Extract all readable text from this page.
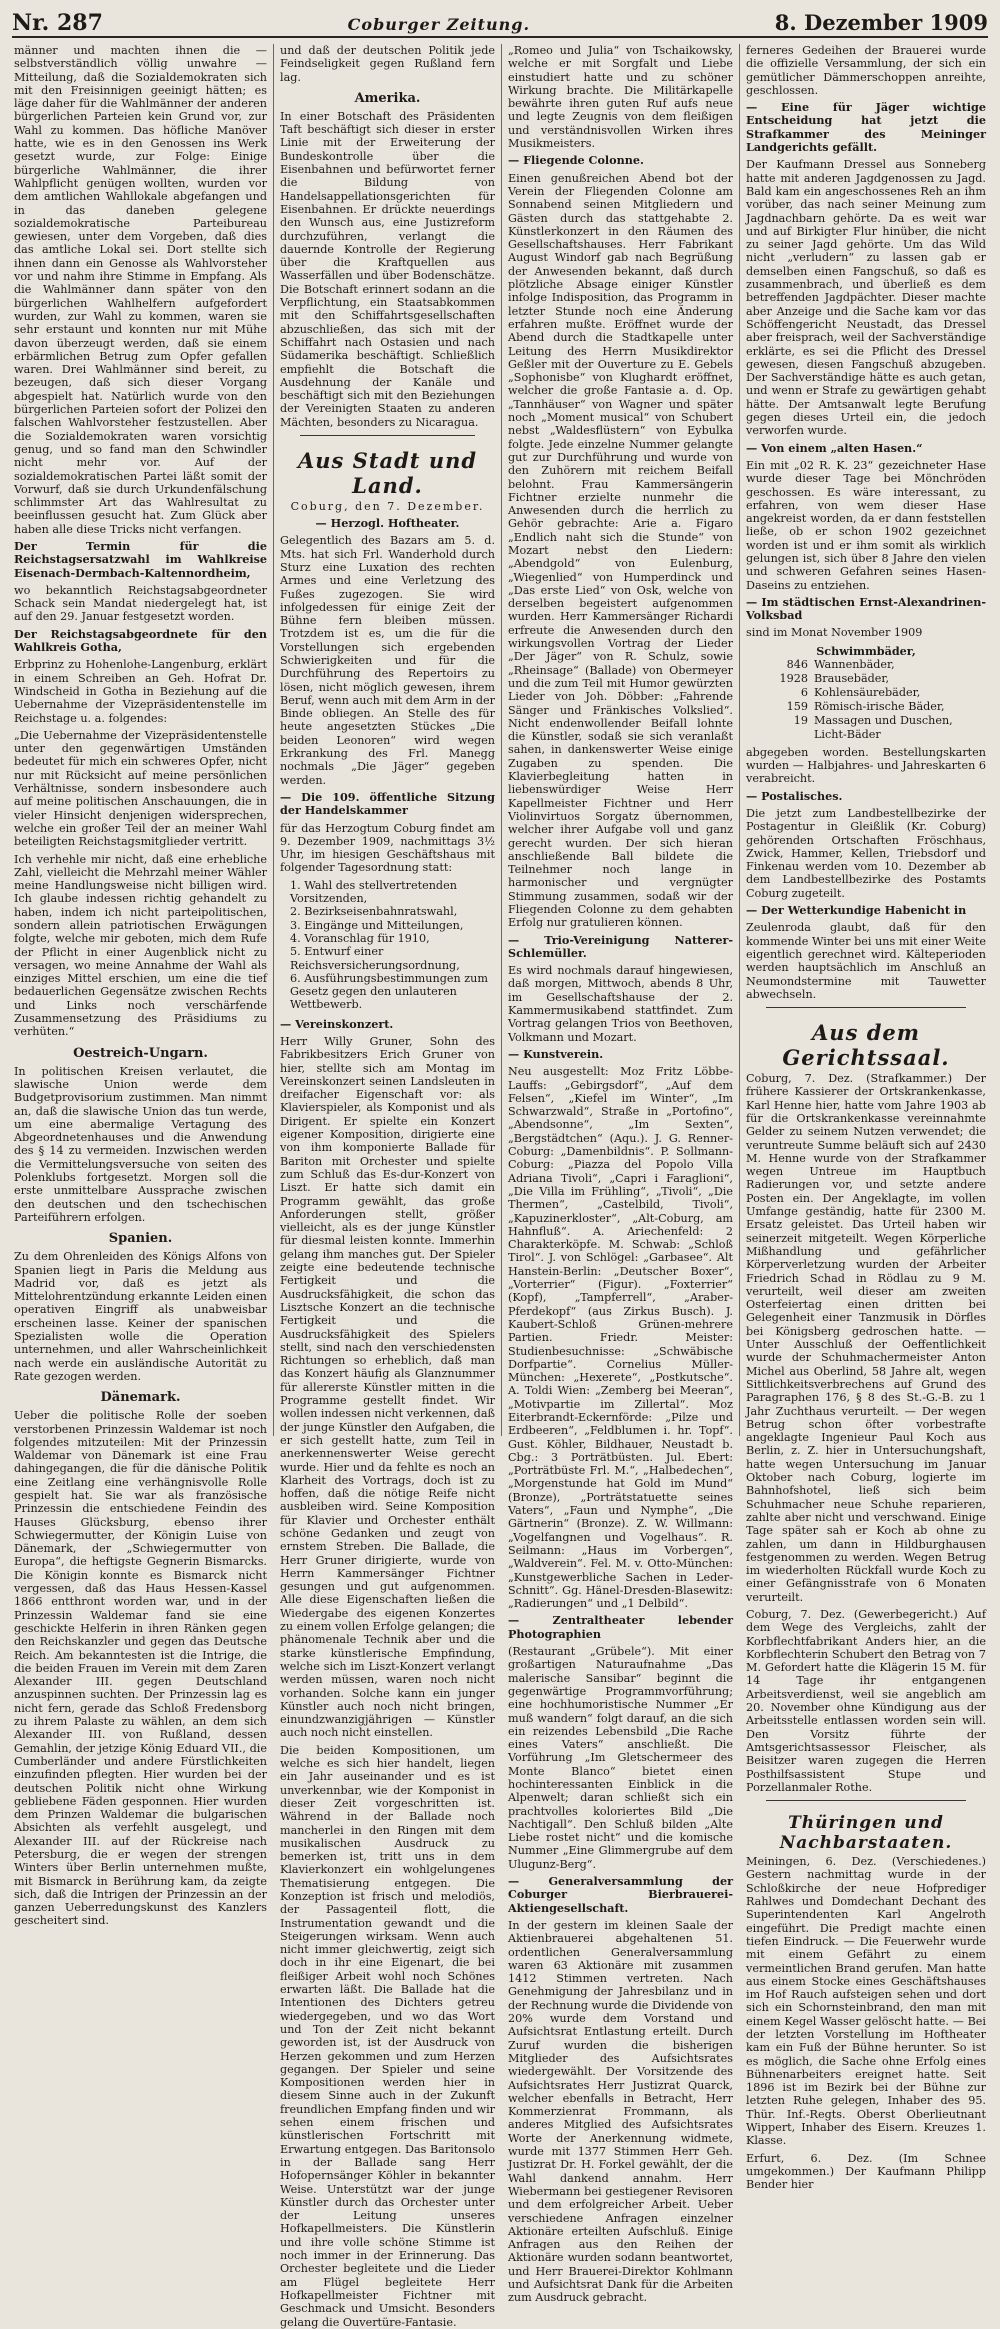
Nr. 287	Coburger Zeitung.	8. Dezember 1909

männer und machten ihnen die — selbstverständlich völlig unwahre — Mitteilung, daß die Sozialdemokraten sich mit den Freisinnigen geeinigt hätten; es läge daher für die Wahlmänner der anderen bürgerlichen Parteien kein Grund vor, zur Wahl zu kommen. Das höfliche Manöver hatte, wie es in den Genossen ins Werk gesetzt wurde, zur Folge: Einige bürgerliche Wahlmänner, die ihrer Wahlpflicht genügen wollten, wurden vor dem amtlichen Wahllokale abgefangen und in das daneben gelegene sozialdemokratische Parteibureau gewiesen, unter dem Vorgeben, daß dies das amtliche Lokal sei. Dort stellte sich ihnen dann ein Genosse als Wahlvorsteher vor und nahm ihre Stimme in Empfang. Als die Wahlmänner dann später von den bürgerlichen Wahlhelfern aufgefordert wurden, zur Wahl zu kommen, waren sie sehr erstaunt und konnten nur mit Mühe davon überzeugt werden, daß sie einem erbärmlichen Betrug zum Opfer gefallen waren. Drei Wahlmänner sind bereit, zu bezeugen, daß sich dieser Vorgang abgespielt hat. Natürlich wurde von den bürgerlichen Parteien sofort der Polizei den falschen Wahlvorsteher festzustellen. Aber die Sozialdemokraten waren vorsichtig genug, und so fand man den Schwindler nicht mehr vor. Auf der sozialdemokratischen Partei läßt somit der Vorwurf, daß sie durch Urkundenfälschung schlimmster Art das Wahlresultat zu beeinflussen gesucht hat. Zum Glück aber haben alle diese Tricks nicht verfangen.

Der Termin für die Reichstagsersatzwahl im Wahlkreise Eisenach-Dermbach-Kaltennordheim,

wo bekanntlich Reichstagsabgeordneter Schack sein Mandat niedergelegt hat, ist auf den 29. Januar festgesetzt worden.

Der Reichstagsabgeordnete für den Wahlkreis Gotha,

Erbprinz zu Hohenlohe-Langenburg, erklärt in einem Schreiben an Geh. Hofrat Dr. Windscheid in Gotha in Beziehung auf die Uebernahme der Vizepräsidentenstelle im Reichstage u. a. folgendes:

„Die Uebernahme der Vizepräsidentenstelle unter den gegenwärtigen Umständen bedeutet für mich ein schweres Opfer, nicht nur mit Rücksicht auf meine persönlichen Verhältnisse, sondern insbesondere auch auf meine politischen Anschauungen, die in vieler Hinsicht denjenigen widersprechen, welche ein großer Teil der an meiner Wahl beteiligten Reichstagsmitglieder vertritt.

Ich verhehle mir nicht, daß eine erhebliche Zahl, vielleicht die Mehrzahl meiner Wähler meine Handlungsweise nicht billigen wird. Ich glaube indessen richtig gehandelt zu haben, indem ich nicht parteipolitischen, sondern allein patriotischen Erwägungen folgte, welche mir geboten, mich dem Rufe der Pflicht in einer Augenblick nicht zu versagen, wo meine Annahme der Wahl als einziges Mittel erschien, um eine die tief bedauerlichen Gegensätze zwischen Rechts und Links noch verschärfende Zusammensetzung des Präsidiums zu verhüten.“

Oestreich-Ungarn.

In politischen Kreisen verlautet, die slawische Union werde dem Budgetprovisorium zustimmen. Man nimmt an, daß die slawische Union das tun werde, um eine abermalige Vertagung des Abgeordnetenhauses und die Anwendung des § 14 zu vermeiden. Inzwischen werden die Vermittelungsversuche von seiten des Polenklubs fortgesetzt. Morgen soll die erste unmittelbare Aussprache zwischen den deutschen und den tschechischen Parteiführern erfolgen.

Spanien.

Zu dem Ohrenleiden des Königs Alfons von Spanien liegt in Paris die Meldung aus Madrid vor, daß es jetzt als Mittelohrentzündung erkannte Leiden einen operativen Eingriff als unabweisbar erscheinen lasse. Keiner der spanischen Spezialisten wolle die Operation unternehmen, und aller Wahrscheinlichkeit nach werde ein ausländische Autorität zu Rate gezogen werden.

Dänemark.

Ueber die politische Rolle der soeben verstorbenen Prinzessin Waldemar ist noch folgendes mitzuteilen: Mit der Prinzessin Waldemar von Dänemark ist eine Frau dahingegangen, die für die dänische Politik eine Zeitlang eine verhängnisvolle Rolle gespielt hat. Sie war als französische Prinzessin die entschiedene Feindin des Hauses Glücksburg, ebenso ihrer Schwiegermutter, der Königin Luise von Dänemark, der „Schwiegermutter von Europa“, die heftigste Gegnerin Bismarcks. Die Königin konnte es Bismarck nicht vergessen, daß das Haus Hessen-Kassel 1866 entthront worden war, und in der Prinzessin Waldemar fand sie eine geschickte Helferin in ihren Ränken gegen den Reichskanzler und gegen das Deutsche Reich. Am bekanntesten ist die Intrige, die die beiden Frauen im Verein mit dem Zaren Alexander III. gegen Deutschland anzuspinnen suchten. Der Prinzessin lag es nicht fern, gerade das Schloß Fredensborg zu ihrem Palaste zu wählen, an dem sich Alexander III. von Rußland, dessen Gemahlin, der jetzige König Eduard VII., die Cumberländer und andere Fürstlichkeiten einzufinden pflegten. Hier wurden bei der deutschen Politik nicht ohne Wirkung gebliebene Fäden gesponnen. Hier wurden dem Prinzen Waldemar die bulgarischen Absichten als verfehlt ausgelegt, und Alexander III. auf der Rückreise nach Petersburg, die er wegen der strengen Winters über Berlin unternehmen mußte, mit Bismarck in Berührung kam, da zeigte sich, daß die Intrigen der Prinzessin an der ganzen Ueberredungskunst des Kanzlers gescheitert sind.

und daß der deutschen Politik jede Feindseligkeit gegen Rußland fern lag.

Amerika.

In einer Botschaft des Präsidenten Taft beschäftigt sich dieser in erster Linie mit der Erweiterung der Bundeskontrolle über die Eisenbahnen und befürwortet ferner die Bildung von Handelsappellationsgerichten für Eisenbahnen. Er drückte neuerdings den Wunsch aus, eine Justizreform durchzuführen, verlangt die dauernde Kontrolle der Regierung über die Kraftquellen aus Wasserfällen und über Bodenschätze. Die Botschaft erinnert sodann an die Verpflichtung, ein Staatsabkommen mit den Schiffahrtsgesellschaften abzuschließen, das sich mit der Schiffahrt nach Ostasien und nach Südamerika beschäftigt. Schließlich empfiehlt die Botschaft die Ausdehnung der Kanäle und beschäftigt sich mit den Beziehungen der Vereinigten Staaten zu anderen Mächten, besonders zu Nicaragua.

Aus Stadt und Land.
Coburg, den 7. Dezember.

— Herzogl. Hoftheater.

Gelegentlich des Bazars am 5. d. Mts. hat sich Frl. Wanderhold durch Sturz eine Luxation des rechten Armes und eine Verletzung des Fußes zugezogen. Sie wird infolgedessen für einige Zeit der Bühne fern bleiben müssen. Trotzdem ist es, um die für die Vorstellungen sich ergebenden Schwierigkeiten und für die Durchführung des Repertoirs zu lösen, nicht möglich gewesen, ihrem Beruf, wenn auch mit dem Arm in der Binde obliegen. An Stelle des für heute angesetzten Stückes „Die beiden Leonoren“ wird wegen Erkrankung des Frl. Manegg nochmals „Die Jäger“ gegeben werden.

— Die 109. öffentliche Sitzung der Handelskammer

für das Herzogtum Coburg findet am 9. Dezember 1909, nachmittags 3½ Uhr, im hiesigen Geschäftshaus mit folgender Tagesordnung statt:

1. Wahl des stellvertretenden Vorsitzenden,
2. Bezirkseisenbahnratswahl,
3. Eingänge und Mitteilungen,
4. Voranschlag für 1910,
5. Entwurf einer Reichsversicherungsordnung,
6. Ausführungsbestimmungen zum Gesetz gegen den unlauteren Wettbewerb.

— Vereinskonzert.

Herr Willy Gruner, Sohn des Fabrikbesitzers Erich Gruner von hier, stellte sich am Montag im Vereinskonzert seinen Landsleuten in dreifacher Eigenschaft vor: als Klavierspieler, als Komponist und als Dirigent. Er spielte ein Konzert eigener Komposition, dirigierte eine von ihm komponierte Ballade für Bariton mit Orchester und spielte zum Schluß das Es-dur-Konzert von Liszt. Er hatte sich damit ein Programm gewählt, das große Anforderungen stellt, größer vielleicht, als es der junge Künstler für diesmal leisten konnte. Immerhin gelang ihm manches gut. Der Spieler zeigte eine bedeutende technische Fertigkeit und die Ausdrucksfähigkeit, die schon das Lisztsche Konzert an die technische Fertigkeit und die Ausdrucksfähigkeit des Spielers stellt, sind nach den verschiedensten Richtungen so erheblich, daß man das Konzert häufig als Glanznummer für allererste Künstler mitten in die Programme gestellt findet. Wir wollen indessen nicht verkennen, daß der junge Künstler den Aufgaben, die er sich gestellt hatte, zum Teil in anerkennenswerter Weise gerecht wurde. Hier und da fehlte es noch an Klarheit des Vortrags, doch ist zu hoffen, daß die nötige Reife nicht ausbleiben wird. Seine Komposition für Klavier und Orchester enthält schöne Gedanken und zeugt von ernstem Streben. Die Ballade, die Herr Gruner dirigierte, wurde von Herrn Kammersänger Fichtner gesungen und gut aufgenommen. Alle diese Eigenschaften ließen die Wiedergabe des eigenen Konzertes zu einem vollen Erfolge gelangen; die phänomenale Technik aber und die starke künstlerische Empfindung, welche sich im Liszt-Konzert verlangt werden müssen, waren noch nicht vorhanden. Solche kann ein junger Künstler auch noch nicht bringen, einundzwanzigjährigen — Künstler auch noch nicht einstellen.

Die beiden Kompositionen, um welche es sich hier handelt, liegen ein Jahr auseinander und es ist unverkennbar, wie der Komponist in dieser Zeit vorgeschritten ist. Während in der Ballade noch mancherlei in den Ringen mit dem musikalischen Ausdruck zu bemerken ist, tritt uns in dem Klavierkonzert ein wohlgelungenes Thematisierung entgegen. Die Konzeption ist frisch und melodiös, der Passagenteil flott, die Instrumentation gewandt und die Steigerungen wirksam. Wenn auch nicht immer gleichwertig, zeigt sich doch in ihr eine Eigenart, die bei fleißiger Arbeit wohl noch Schönes erwarten läßt. Die Ballade hat die Intentionen des Dichters getreu wiedergegeben, und wo das Wort und Ton der Zeit nicht bekannt geworden ist, ist der Ausdruck von Herzen gekommen und zum Herzen gegangen. Der Spieler und seine Kompositionen werden hier in diesem Sinne auch in der Zukunft freundlichen Empfang finden und wir sehen einem frischen und künstlerischen Fortschritt mit Erwartung entgegen. Das Baritonsolo in der Ballade sang Herr Hofopernsänger Köhler in bekannter Weise. Unterstützt war der junge Künstler durch das Orchester unter der Leitung unseres Hofkapellmeisters. Die Künstlerin und ihre volle schöne Stimme ist noch immer in der Erinnerung. Das Orchester begleitete und die Lieder am Flügel begleitete Herr Hofkapellmeister Fichtner mit Geschmack und Umsicht. Besonders gelang die Ouvertüre-Fantasie.

„Romeo und Julia“ von Tschaikowsky, welche er mit Sorgfalt und Liebe einstudiert hatte und zu schöner Wirkung brachte. Die Militärkapelle bewährte ihren guten Ruf aufs neue und legte Zeugnis von dem fleißigen und verständnisvollen Wirken ihres Musikmeisters.

— Fliegende Colonne.

Einen genußreichen Abend bot der Verein der Fliegenden Colonne am Sonnabend seinen Mitgliedern und Gästen durch das stattgehabte 2. Künstlerkonzert in den Räumen des Gesellschaftshauses. Herr Fabrikant August Windorf gab nach Begrüßung der Anwesenden bekannt, daß durch plötzliche Absage einiger Künstler infolge Indisposition, das Programm in letzter Stunde noch eine Änderung erfahren mußte. Eröffnet wurde der Abend durch die Stadtkapelle unter Leitung des Herrn Musikdirektor Geßler mit der Ouverture zu E. Gebels „Sophonisbe“ von Klughardt eröffnet, welcher die große Fantasie a. d. Op. „Tannhäuser“ von Wagner und später noch „Moment musical“ von Schubert nebst „Waldesflüstern“ von Eybulka folgte. Jede einzelne Nummer gelangte gut zur Durchführung und wurde von den Zuhörern mit reichem Beifall belohnt. Frau Kammersängerin Fichtner erzielte nunmehr die Anwesenden durch die herrlich zu Gehör gebrachte: Arie a. Figaro „Endlich naht sich die Stunde“ von Mozart nebst den Liedern: „Abendgold“ von Eulenburg, „Wiegenlied“ von Humperdinck und „Das erste Lied“ von Osk, welche von derselben begeistert aufgenommen wurden. Herr Kammersänger Richardi erfreute die Anwesenden durch den wirkungsvollen Vortrag der Lieder „Der Jäger“ von R. Schulz, sowie „Rheinsage“ (Ballade) von Obermeyer und die zum Teil mit Humor gewürzten Lieder von Joh. Döbber: „Fahrende Sänger und Fränkisches Volkslied“. Nicht endenwollender Beifall lohnte die Künstler, sodaß sie sich veranlaßt sahen, in dankenswerter Weise einige Zugaben zu spenden. Die Klavierbegleitung hatten in liebenswürdiger Weise Herr Kapellmeister Fichtner und Herr Violinvirtuos Sorgatz übernommen, welcher ihrer Aufgabe voll und ganz gerecht wurden. Der sich hieran anschließende Ball bildete die Teilnehmer noch lange in harmonischer und vergnügter Stimmung zusammen, sodaß wir der Fliegenden Colonne zu dem gehabten Erfolg nur gratulieren können.

— Trio-Vereinigung Natterer-Schlemüller.

Es wird nochmals darauf hingewiesen, daß morgen, Mittwoch, abends 8 Uhr, im Gesellschaftshause der 2. Kammermusikabend stattfindet. Zum Vortrag gelangen Trios von Beethoven, Volkmann und Mozart.

— Kunstverein.

Neu ausgestellt: Moz Fritz Löbbe-Lauffs: „Gebirgsdorf“, „Auf dem Felsen“, „Kiefel im Winter“, „Im Schwarzwald“, Straße in „Portofino“, „Abendsonne“, „Im Sexten“, „Bergstädtchen“ (Aqu.). J. G. Renner-Coburg: „Damenbildnis“. P. Sollmann-Coburg: „Piazza del Popolo Villa Adriana Tivoli“, „Capri i Faraglioni“, „Die Villa im Frühling“, „Tivoli“, „Die Thermen“, „Castelbild, Tivoli“, „Kapuzinerkloster“, „Alt-Coburg, am Hahnfluß“. A. Ariechenfeld: 2 Charakterköpfe. M. Schwab: „Schloß Tirol“. J. von Schlögel: „Garbasee“. Alt Hanstein-Berlin: „Deutscher Boxer“, „Vorterrier“ (Figur). „Foxterrier“ (Kopf), „Tampferrell“, „Araber-Pferdekopf“ (aus Zirkus Busch). J. Kaubert-Schloß Grünen-mehrere Partien. Friedr. Meister: Studienbesuchnisse: „Schwäbische Dorfpartie“. Cornelius Müller-München: „Hexerete“, „Postkutsche“. A. Toldi Wien: „Zemberg bei Meeran“, „Motivpartie im Zillertal“. Moz Eiterbrandt-Eckernförde: „Pilze und Erdbeeren“, „Feldblumen i. hr. Topf“. Gust. Köhler, Bildhauer, Neustadt b. Cbg.: 3 Porträtbüsten. Jul. Ebert: „Porträtbüste Frl. M.“, „Halbedechen“, „Morgenstunde hat Gold im Mund“ (Bronze), „Porträtstatuette seines Vaters“, „Faun und Nymphe“, „Die Gärtnerin“ (Bronze). Z. W. Willmann: „Vogelfangnen und Vogelhaus“. R. Seilmann: „Haus im Vorbergen“, „Waldverein“. Fel. M. v. Otto-München: „Kunstgewerbliche Sachen in Leder-Schnitt“. Gg. Hänel-Dresden-Blasewitz: „Radierungen“ und „1 Delbild“.

— Zentraltheater lebender Photographien

(Restaurant „Grübele“). Mit einer großartigen Naturaufnahme „Das malerische Sansibar“ beginnt die gegenwärtige Programmvorführung; eine hochhumoristische Nummer „Er muß wandern“ folgt darauf, an die sich ein reizendes Lebensbild „Die Rache eines Vaters“ anschließt. Die Vorführung „Im Gletschermeer des Monte Blanco“ bietet einen hochinteressanten Einblick in die Alpenwelt; daran schließt sich ein prachtvolles koloriertes Bild „Die Nachtigall“. Den Schluß bilden „Alte Liebe rostet nicht“ und die komische Nummer „Eine Glimmergrube auf dem Ulugunz-Berg“.

— Generalversammlung der Coburger Bierbrauerei-Aktiengesellschaft.

In der gestern im kleinen Saale der Aktienbrauerei abgehaltenen 51. ordentlichen Generalversammlung waren 63 Aktionäre mit zusammen 1412 Stimmen vertreten. Nach Genehmigung der Jahresbilanz und in der Rechnung wurde die Dividende von 20% wurde dem Vorstand und Aufsichtsrat Entlastung erteilt. Durch Zuruf wurden die bisherigen Mitglieder des Aufsichtsrates wiedergewählt. Der Vorsitzende des Aufsichtsrates Herr Justizrat Quarck, welcher ebenfalls in Betracht, Herr Kommerzienrat Frommann, als anderes Mitglied des Aufsichtsrates Worte der Anerkennung widmete, wurde mit 1377 Stimmen Herr Geh. Justizrat Dr. H. Forkel gewählt, der die Wahl dankend annahm. Herr Wiebermann bei gestiegener Revisoren und dem erfolgreicher Arbeit. Ueber verschiedene Anfragen einzelner Aktionäre erteilten Aufschluß. Einige Anfragen aus den Reihen der Aktionäre wurden sodann beantwortet, und Herr Brauerei-Direktor Kohlmann und Aufsichtsrat Dank für die Arbeiten zum Ausdruck gebracht.

ferneres Gedeihen der Brauerei wurde die offizielle Versammlung, der sich ein gemütlicher Dämmerschoppen anreihte, geschlossen.

— Eine für Jäger wichtige Entscheidung hat jetzt die Strafkammer des Meininger Landgerichts gefällt.

Der Kaufmann Dressel aus Sonneberg hatte mit anderen Jagdgenossen zu Jagd. Bald kam ein angeschossenes Reh an ihm vorüber, das nach seiner Meinung zum Jagdnachbarn gehörte. Da es weit war und auf Birkigter Flur hinüber, die nicht zu seiner Jagd gehörte. Um das Wild nicht „verludern“ zu lassen gab er demselben einen Fangschuß, so daß es zusammenbrach, und überließ es dem betreffenden Jagdpächter. Dieser machte aber Anzeige und die Sache kam vor das Schöffengericht Neustadt, das Dressel aber freisprach, weil der Sachverständige erklärte, es sei die Pflicht des Dressel gewesen, diesen Fangschuß abzugeben. Der Sachverständige hätte es auch getan, und wenn er Strafe zu gewärtigen gehabt hätte. Der Amtsanwalt legte Berufung gegen dieses Urteil ein, die jedoch verworfen wurde.

— Von einem „alten Hasen.“

Ein mit „02 R. K. 23“ gezeichneter Hase wurde dieser Tage bei Mönchröden geschossen. Es wäre interessant, zu erfahren, von wem dieser Hase angekreist worden, da er dann feststellen ließe, ob er schon 1902 gezeichnet worden ist und er ihm somit als wirklich gelungen ist, sich über 8 Jahre den vielen und schweren Gefahren seines Hasen-Daseins zu entziehen.

— Im städtischen Ernst-Alexandrinen-Volksbad

sind im Monat November 1909

Schwimmbäder,
846 Wannenbäder,
1928 Brausebäder,
6 Kohlensäurebäder,
159 Römisch-irische Bäder,
19 Massagen und Duschen,
Licht-Bäder

abgegeben worden. Bestellungskarten wurden — Halbjahres- und Jahreskarten 6 verabreicht.

— Postalisches.

Die jetzt zum Landbestellbezirke der Postagentur in Gleißlik (Kr. Coburg) gehörenden Ortschaften Fröschhaus, Zwick, Hammer, Kellen, Triebsdorf und Finkenau werden vom 10. Dezember ab dem Landbestellbezirke des Postamts Coburg zugeteilt.

— Der Wetterkundige Habenicht in

Zeulenroda glaubt, daß für den kommende Winter bei uns mit einer Weite eigentlich gerechnet wird. Kälteperioden werden hauptsächlich im Anschluß an Neumondstermine mit Tauwetter abwechseln.

Aus dem Gerichtssaal.

Coburg, 7. Dez. (Strafkammer.) Der frühere Kassierer der Ortskrankenkasse, Karl Henne hier, hatte vom Jahre 1903 ab für die Ortskrankenkasse vereinnahmte Gelder zu seinem Nutzen verwendet; die veruntreute Summe beläuft sich auf 2430 M. Henne wurde von der Strafkammer wegen Untreue im Hauptbuch Radierungen vor, und setzte andere Posten ein. Der Angeklagte, im vollen Umfange geständig, hatte für 2300 M. Ersatz geleistet. Das Urteil haben wir seinerzeit mitgeteilt. Wegen Körperliche Mißhandlung und gefährlicher Körperverletzung wurden der Arbeiter Friedrich Schad in Rödlau zu 9 M. verurteilt, weil dieser am zweiten Osterfeiertag einen dritten bei Gelegenheit einer Tanzmusik in Dörfles bei Königsberg gedroschen hatte. — Unter Ausschluß der Oeffentlichkeit wurde der Schuhmachermeister Anton Michel aus Oberlind, 58 Jahre alt, wegen Sittlichkeitsverbrechens auf Grund des Paragraphen 176, § 8 des St.-G.-B. zu 1 Jahr Zuchthaus verurteilt. — Der wegen Betrug schon öfter vorbestrafte angeklagte Ingenieur Paul Koch aus Berlin, z. Z. hier in Untersuchungshaft, hatte wegen Untersuchung im Januar Oktober nach Coburg, logierte im Bahnhofshotel, ließ sich beim Schuhmacher neue Schuhe reparieren, zahlte aber nicht und verschwand. Einige Tage später sah er Koch ab ohne zu zahlen, um dann in Hildburghausen festgenommen zu werden. Wegen Betrug im wiederholten Rückfall wurde Koch zu einer Gefängnisstrafe von 6 Monaten verurteilt.

Coburg, 7. Dez. (Gewerbegericht.) Auf dem Wege des Vergleichs, zahlt der Korbflechtfabrikant Anders hier, an die Korbflechterin Schubert den Betrag von 7 M. Gefordert hatte die Klägerin 15 M. für 14 Tage ihr entgangenen Arbeitsverdienst, weil sie angeblich am 20. November ohne Kündigung aus der Arbeitsstelle entlassen worden sein will. Den Vorsitz führte der Amtsgerichtsassessor Fleischer, als Beisitzer waren zugegen die Herren Posthilfsassistent Stupe und Porzellanmaler Rothe.

Thüringen und Nachbarstaaten.

Meiningen, 6. Dez. (Verschiedenes.) Gestern nachmittag wurde in der Schloßkirche der neue Hofprediger Rahlwes und Domdechant Dechant des Superintendenten Karl Angelroth eingeführt. Die Predigt machte einen tiefen Eindruck. — Die Feuerwehr wurde mit einem Gefährt zu einem vermeintlichen Brand gerufen. Man hatte aus einem Stocke eines Geschäftshauses im Hof Rauch aufsteigen sehen und dort sich ein Schornsteinbrand, den man mit einem Kegel Wasser gelöscht hatte. — Bei der letzten Vorstellung im Hoftheater kam ein Fuß der Bühne herunter. So ist es möglich, die Sache ohne Erfolg eines Bühnenarbeiters ereignet hatte. Seit 1896 ist im Bezirk bei der Bühne zur letzten Ruhe gelegen, Inhaber des 95. Thür. Inf.-Regts. Oberst Oberlieutnant Wippert, Inhaber des Eisern. Kreuzes 1. Klasse.

Erfurt, 6. Dez. (Im Schnee umgekommen.) Der Kaufmann Philipp Bender hier
